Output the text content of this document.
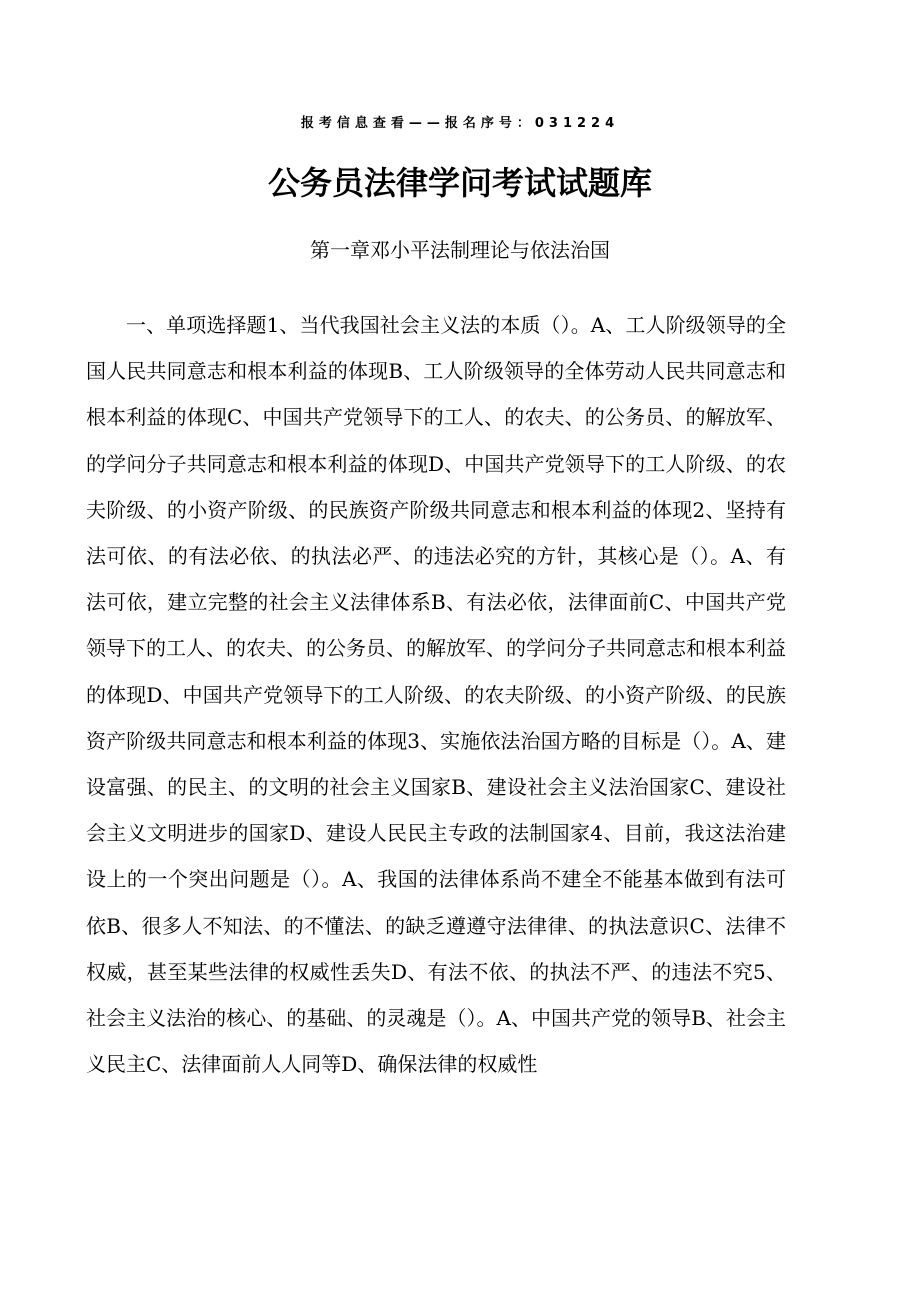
报考信息查看——报名序号：031224
公务员法律学问考试试题库
第一章邓小平法制理论与依法治国

一、单项选择题1、当代我国社会主义法的本质（）。A、工人阶级领导的全国人民共同意志和根本利益的体现B、工人阶级领导的全体劳动人民共同意志和根本利益的体现C、中国共产党领导下的工人、的农夫、的公务员、的解放军、的学问分子共同意志和根本利益的体现D、中国共产党领导下的工人阶级、的农夫阶级、的小资产阶级、的民族资产阶级共同意志和根本利益的体现2、坚持有法可依、的有法必依、的执法必严、的违法必究的方针，其核心是（）。A、有法可依，建立完整的社会主义法律体系B、有法必依，法律面前C、中国共产党领导下的工人、的农夫、的公务员、的解放军、的学问分子共同意志和根本利益的体现D、中国共产党领导下的工人阶级、的农夫阶级、的小资产阶级、的民族资产阶级共同意志和根本利益的体现3、实施依法治国方略的目标是（）。A、建设富强、的民主、的文明的社会主义国家B、建设社会主义法治国家C、建设社会主义文明进步的国家D、建设人民民主专政的法制国家4、目前，我这法治建设上的一个突出问题是（）。A、我国的法律体系尚不建全不能基本做到有法可依B、很多人不知法、的不懂法、的缺乏遵遵守法律律、的执法意识C、法律不权威，甚至某些法律的权威性丢失D、有法不依、的执法不严、的违法不究5、社会主义法治的核心、的基础、的灵魂是（）。A、中国共产党的领导B、社会主义民主C、法律面前人人同等D、确保法律的权威性
